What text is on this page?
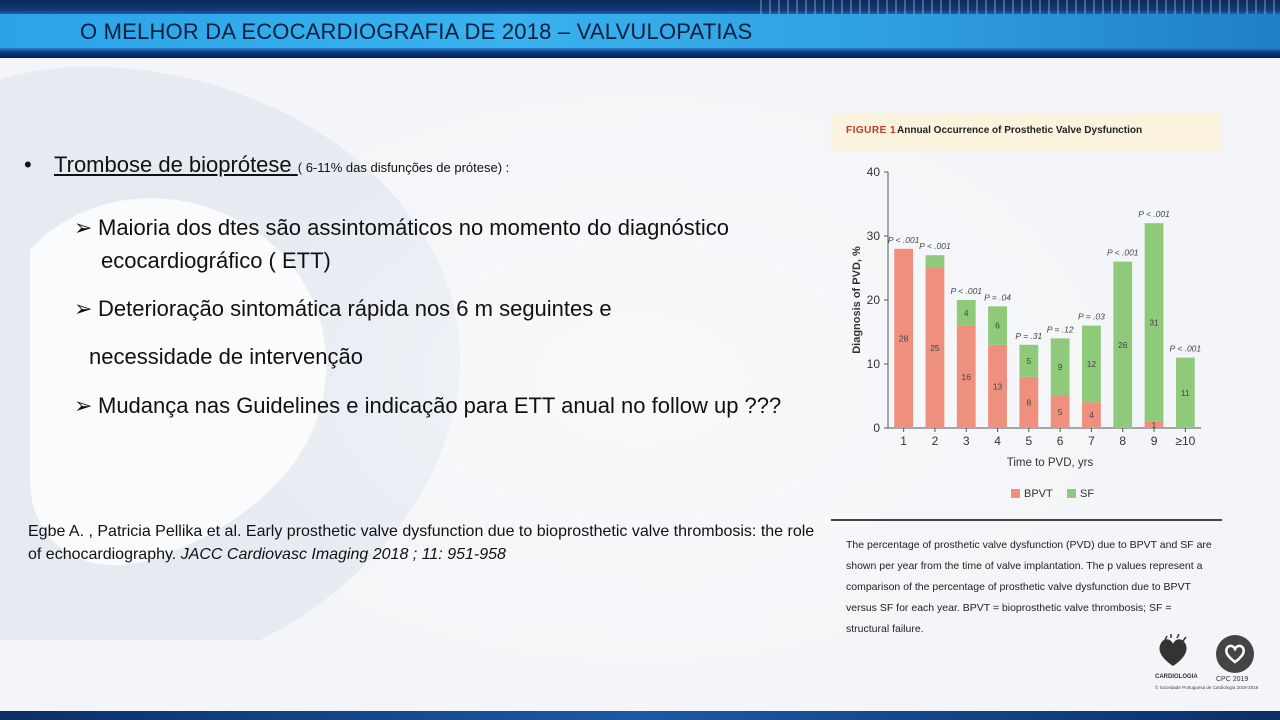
O MELHOR DA ECOCARDIOGRAFIA DE 2018 – VALVULOPATIAS
• Trombose de bioprótese ( 6-11% das disfunções de prótese) :
➢ Maioria dos dtes são assintomáticos no momento do diagnóstico
ecocardiográfico ( ETT)
➢ Deterioração sintomática rápida nos 6 m seguintes e
necessidade de intervenção
➢ Mudança nas Guidelines e indicação para ETT anual no follow up ???
Egbe A. , Patricia Pellika et al. Early prosthetic valve dysfunction due to bioprosthetic valve thrombosis: the role of echocardiography. JACC Cardiovasc Imaging 2018 ; 11: 951-958
FIGURE 1 Annual Occurrence of Prosthetic Valve Dysfunction
0
10
20
30
40
1 2 3 4 5 6 7 8 9 ≥10
28
P < .001
25
P < .001
16
4
P < .001
13
6
P = .04
8
5
P = .31
5
9
P = .12
4
12
P = .03
26
P < .001
1
31
P < .001
11
P < .001
Diagnosis of PVD, %
Time to PVD, yrs
BPVT SF
The percentage of prosthetic valve dysfunction (PVD) due to BPVT and SF are shown per year from the time of valve implantation. The p values represent a comparison of the percentage of prosthetic valve dysfunction due to BPVT versus SF for each year. BPVT = bioprosthetic valve thrombosis; SF = structural failure.
CARDIOLOGIA	CPC 2019
© Sociedade Portuguesa de Cardiologia 2018-2019
